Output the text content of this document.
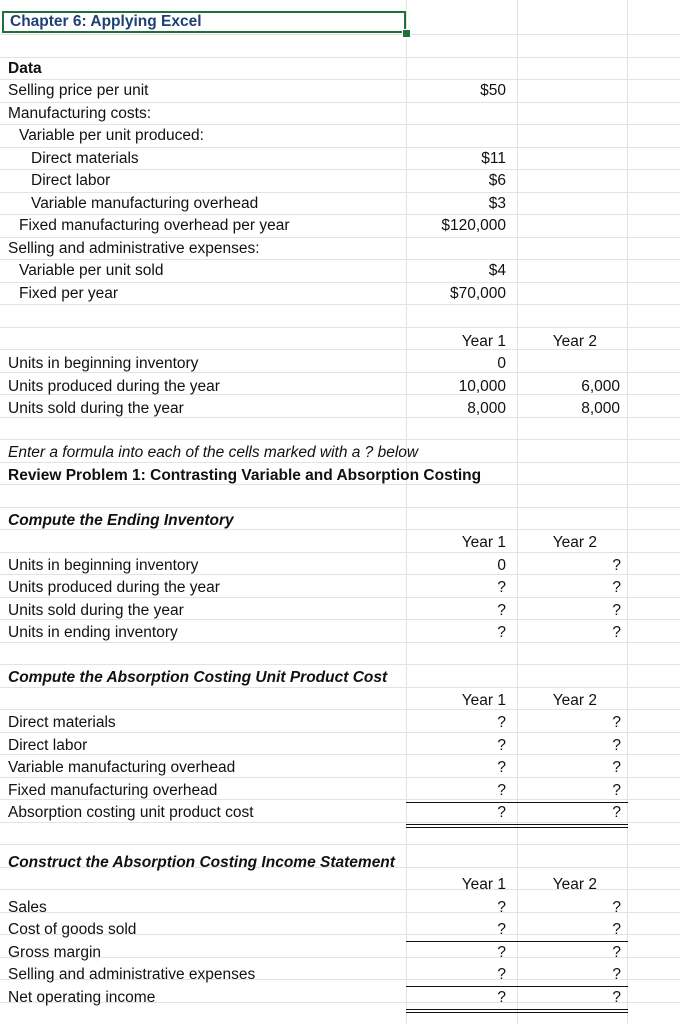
Chapter 6: Applying Excel
Data
Selling price per unit	$50
Manufacturing costs:
Variable per unit produced:
Direct materials	$11
Direct labor	$6
Variable manufacturing overhead	$3
Fixed manufacturing overhead per year	$120,000
Selling and administrative expenses:
Variable per unit sold	$4
Fixed per year	$70,000
Year 1	Year 2
Units in beginning inventory	0
Units produced during the year	10,000	6,000
Units sold during the year	8,000	8,000
Enter a formula into each of the cells marked with a ? below
Review Problem 1: Contrasting Variable and Absorption Costing
Compute the Ending Inventory
Year 1	Year 2
Units in beginning inventory	0	?
Units produced during the year	?	?
Units sold during the year	?	?
Units in ending inventory	?	?
Compute the Absorption Costing Unit Product Cost
Year 1	Year 2
Direct materials	?	?
Direct labor	?	?
Variable manufacturing overhead	?	?
Fixed manufacturing overhead	?	?
Absorption costing unit product cost	?	?
Construct the Absorption Costing Income Statement
Year 1	Year 2
Sales	?	?
Cost of goods sold	?	?
Gross margin	?	?
Selling and administrative expenses	?	?
Net operating income	?	?
